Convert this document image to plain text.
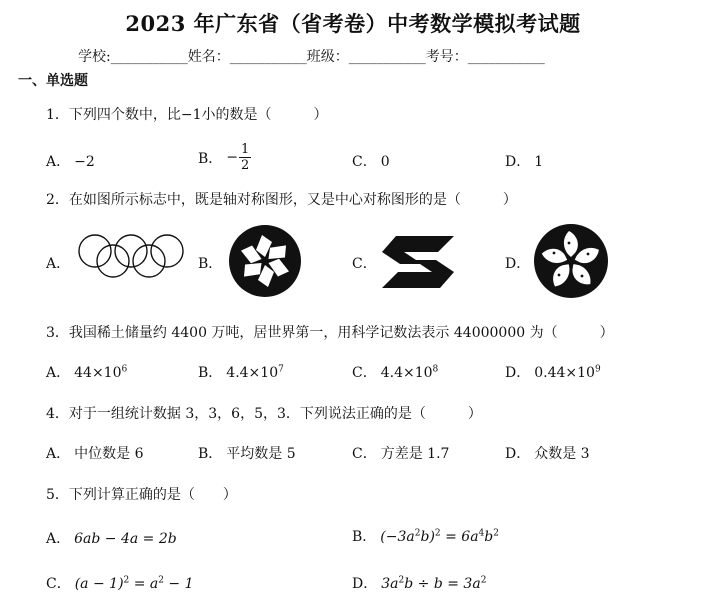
2023 年广东省（省考卷）中考数学模拟考试题
学校:___________姓名：___________班级：___________考号：___________
一、单选题
1．下列四个数中，比−1小的数是（　　　）
A． −2	B． − $\frac{1}{2}$	C． 0	D． 1
2．在如图所示标志中，既是轴对称图形，又是中心对称图形的是（　　　）
A．	B．	C．	D．
3．我国稀土储量约 4400 万吨，居世界第一，用科学记数法表示 44000000 为（　　　）
A． $44\times 10^6$	B． $4.4\times 10^7$	C． $4.4\times 10^8$	D． $0.44\times 10^9$
4．对于一组统计数据 3，3，6，5，3．下列说法正确的是（　　　）
A． 中位数是 6	B． 平均数是 5	C． 方差是 1.7	D． 众数是 3
5．下列计算正确的是（　　）
A． 6ab − 4a = 2b	B． $(-3a^2b)^2 = 6a^4b^2$
C． $(a - 1)^2 = a^2 - 1$	D． $3a^2b \div b = 3a^2$
